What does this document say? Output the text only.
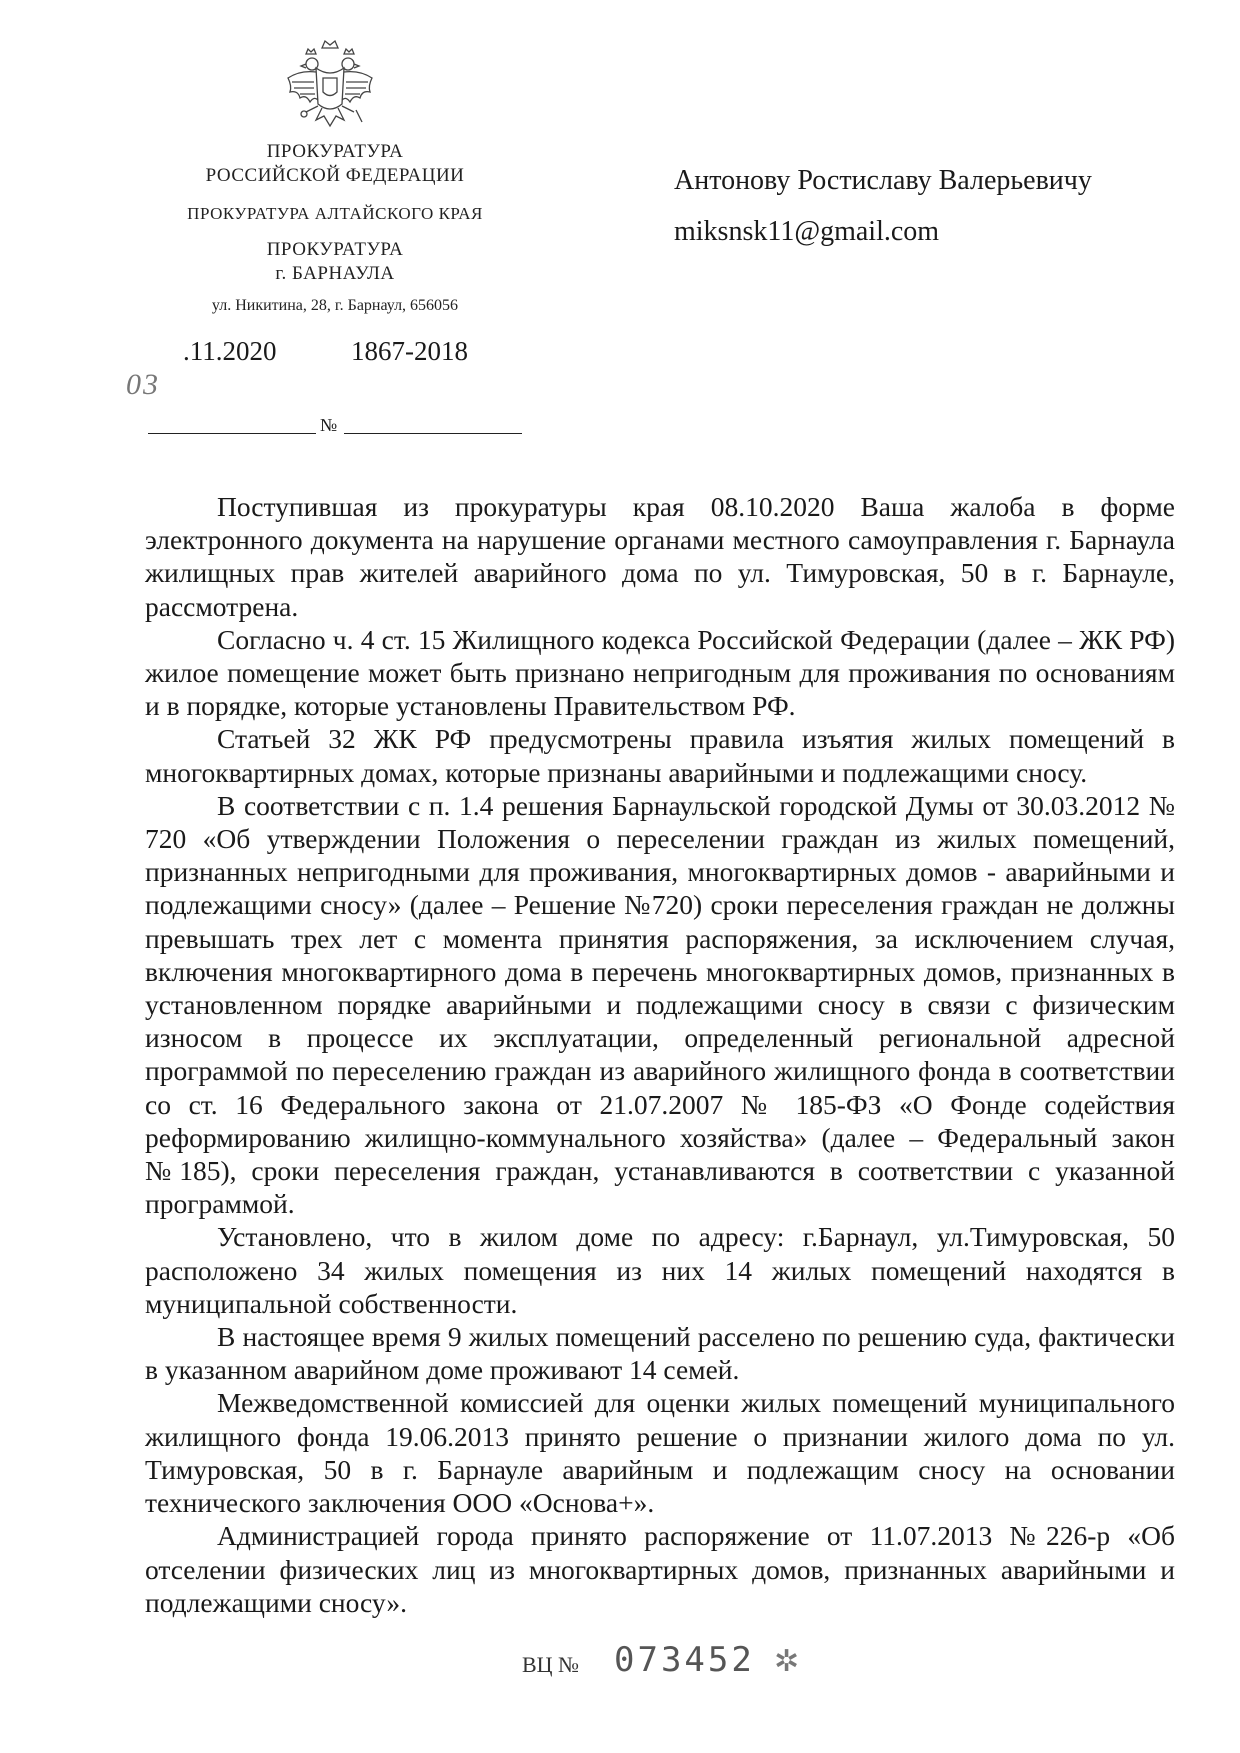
ПРОКУРАТУРА
РОССИЙСКОЙ ФЕДЕРАЦИИ
ПРОКУРАТУРА АЛТАЙСКОГО КРАЯ
ПРОКУРАТУРА
г. БАРНАУЛА
ул. Никитина, 28, г. Барнаул, 656056
.11.2020	1867-2018
03
№
Антонову Ростиславу Валерьевичу
miksnsk11@gmail.com

Поступившая из прокуратуры края 08.10.2020 Ваша жалоба в форме электронного документа на нарушение органами местного самоуправления г. Барнаула жилищных прав жителей аварийного дома по ул. Тимуровская, 50 в г. Барнауле, рассмотрена.

Согласно ч. 4 ст. 15 Жилищного кодекса Российской Федерации (далее – ЖК РФ) жилое помещение может быть признано непригодным для проживания по основаниям и в порядке, которые установлены Правительством РФ.

Статьей 32 ЖК РФ предусмотрены правила изъятия жилых помещений в многоквартирных домах, которые признаны аварийными и подлежащими сносу.

В соответствии с п. 1.4 решения Барнаульской городской Думы от 30.03.2012 № 720 «Об утверждении Положения о переселении граждан из жилых помещений, признанных непригодными для проживания, многоквартирных домов - аварийными и подлежащими сносу» (далее – Решение №720) сроки переселения граждан не должны превышать трех лет с момента принятия распоряжения, за исключением случая, включения многоквартирного дома в перечень многоквартирных домов, признанных в установленном порядке аварийными и подлежащими сносу в связи с физическим износом в процессе их эксплуатации, определенный региональной адресной программой по переселению граждан из аварийного жилищного фонда в соответствии со ст. 16 Федерального закона от 21.07.2007 № 185-ФЗ «О Фонде содействия реформированию жилищно-коммунального хозяйства» (далее – Федеральный закон №185), сроки переселения граждан, устанавливаются в соответствии с указанной программой.

Установлено, что в жилом доме по адресу: г.Барнаул, ул.Тимуровская, 50 расположено 34 жилых помещения из них 14 жилых помещений находятся в муниципальной собственности.

В настоящее время 9 жилых помещений расселено по решению суда, фактически в указанном аварийном доме проживают 14 семей.

Межведомственной комиссией для оценки жилых помещений муниципального жилищного фонда 19.06.2013 принято решение о признании жилого дома по ул. Тимуровская, 50 в г. Барнауле аварийным и подлежащим сносу на основании технического заключения ООО «Основа+».

Администрацией города принято распоряжение от 11.07.2013 №226-р «Об отселении физических лиц из многоквартирных домов, признанных аварийными и подлежащими сносу».

ВЦ № 073452 ✲
